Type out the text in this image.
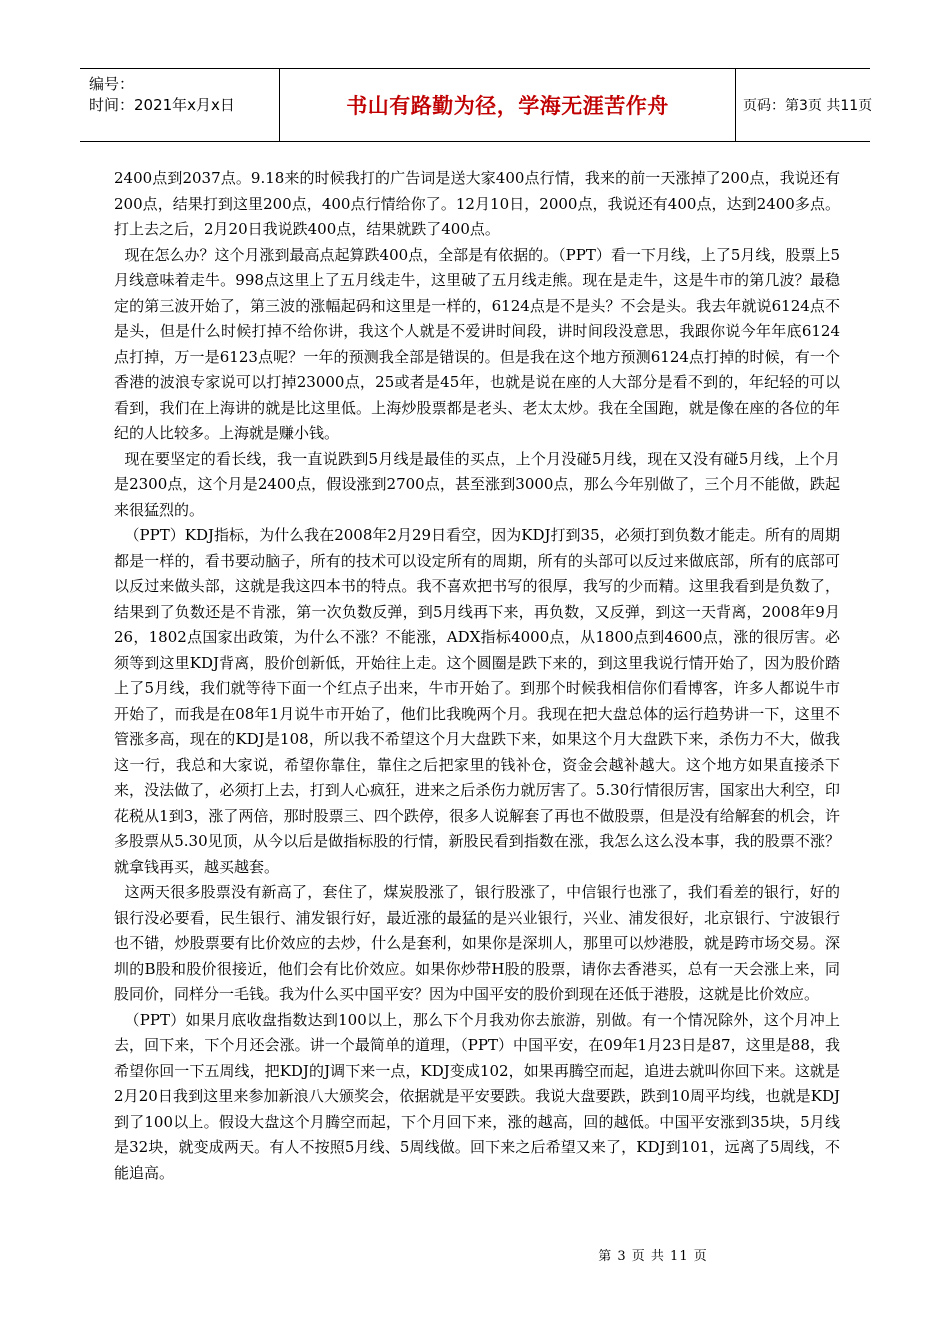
编号：
时间：2021年x月x日	书山有路勤为径，学海无涯苦作舟	页码：第3页 共11页

2400点到2037点。9.18来的时候我打的广告词是送大家400点行情，我来的前一天涨掉了200点，我说还有200点，结果打到这里200点，400点行情给你了。12月10日，2000点，我说还有400点，达到2400多点。打上去之后，2月20日我说跌400点，结果就跌了400点。

现在怎么办？这个月涨到最高点起算跌400点，全部是有依据的。（PPT）看一下月线，上了5月线，股票上5月线意味着走牛。998点这里上了五月线走牛，这里破了五月线走熊。现在是走牛，这是牛市的第几波？最稳定的第三波开始了，第三波的涨幅起码和这里是一样的，6124点是不是头？不会是头。我去年就说6124点不是头，但是什么时候打掉不给你讲，我这个人就是不爱讲时间段，讲时间段没意思，我跟你说今年年底6124点打掉，万一是6123点呢？一年的预测我全部是错误的。但是我在这个地方预测6124点打掉的时候，有一个香港的波浪专家说可以打掉23000点，25或者是45年，也就是说在座的人大部分是看不到的，年纪轻的可以看到，我们在上海讲的就是比这里低。上海炒股票都是老头、老太太炒。我在全国跑，就是像在座的各位的年纪的人比较多。上海就是赚小钱。

现在要坚定的看长线，我一直说跌到5月线是最佳的买点，上个月没碰5月线，现在又没有碰5月线，上个月是2300点，这个月是2400点，假设涨到2700点，甚至涨到3000点，那么今年别做了，三个月不能做，跌起来很猛烈的。

（PPT）KDJ指标，为什么我在2008年2月29日看空，因为KDJ打到35，必须打到负数才能走。所有的周期都是一样的，看书要动脑子，所有的技术可以设定所有的周期，所有的头部可以反过来做底部，所有的底部可以反过来做头部，这就是我这四本书的特点。我不喜欢把书写的很厚，我写的少而精。这里我看到是负数了，结果到了负数还是不肯涨，第一次负数反弹，到5月线再下来，再负数，又反弹，到这一天背离，2008年9月26，1802点国家出政策，为什么不涨？不能涨，ADX指标4000点，从1800点到4600点，涨的很厉害。必须等到这里KDJ背离，股价创新低，开始往上走。这个圆圈是跌下来的，到这里我说行情开始了，因为股价踏上了5月线，我们就等待下面一个红点子出来，牛市开始了。到那个时候我相信你们看博客，许多人都说牛市开始了，而我是在08年1月说牛市开始了，他们比我晚两个月。我现在把大盘总体的运行趋势讲一下，这里不管涨多高，现在的KDJ是108，所以我不希望这个月大盘跌下来，如果这个月大盘跌下来，杀伤力不大，做我这一行，我总和大家说，希望你靠住，靠住之后把家里的钱补仓，资金会越补越大。这个地方如果直接杀下来，没法做了，必须打上去，打到人心疯狂，进来之后杀伤力就厉害了。5.30行情很厉害，国家出大利空，印花税从1到3，涨了两倍，那时股票三、四个跌停，很多人说解套了再也不做股票，但是没有给解套的机会，许多股票从5.30见顶，从今以后是做指标股的行情，新股民看到指数在涨，我怎么这么没本事，我的股票不涨？就拿钱再买，越买越套。

这两天很多股票没有新高了，套住了，煤炭股涨了，银行股涨了，中信银行也涨了，我们看差的银行，好的银行没必要看，民生银行、浦发银行好，最近涨的最猛的是兴业银行，兴业、浦发很好，北京银行、宁波银行也不错，炒股票要有比价效应的去炒，什么是套利，如果你是深圳人，那里可以炒港股，就是跨市场交易。深圳的B股和股价很接近，他们会有比价效应。如果你炒带H股的股票，请你去香港买，总有一天会涨上来，同股同价，同样分一毛钱。我为什么买中国平安？因为中国平安的股价到现在还低于港股，这就是比价效应。

（PPT）如果月底收盘指数达到100以上，那么下个月我劝你去旅游，别做。有一个情况除外，这个月冲上去，回下来，下个月还会涨。讲一个最简单的道理，（PPT）中国平安，在09年1月23日是87，这里是88，我希望你回一下五周线，把KDJ的J调下来一点，KDJ变成102，如果再腾空而起，追进去就叫你回下来。这就是2月20日我到这里来参加新浪八大颁奖会，依据就是平安要跌。我说大盘要跌，跌到10周平均线，也就是KDJ到了100以上。假设大盘这个月腾空而起，下个月回下来，涨的越高，回的越低。中国平安涨到35块，5月线是32块，就变成两天。有人不按照5月线、5周线做。回下来之后希望又来了，KDJ到101，远离了5周线，不能追高。

第 3 页 共 11 页
